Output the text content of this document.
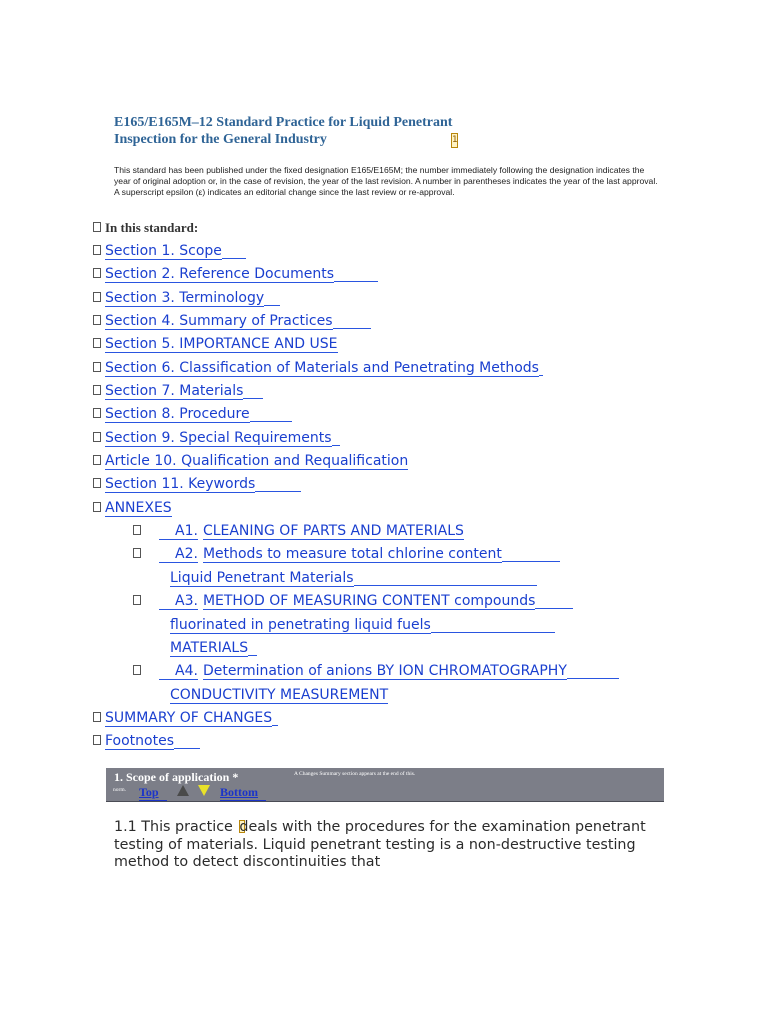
E165/E165M–12 Standard Practice for Liquid Penetrant
Inspection for the General Industry	1
This standard has been published under the fixed designation E165/E165M; the number immediately following the designation indicates the year of original adoption or, in the case of revision, the year of the last revision. A number in parentheses indicates the year of the last approval. A superscript epsilon (ε) indicates an editorial change since the last review or re-approval.
In this standard:
Section 1. Scope
Section 2. Reference Documents
Section 3. Terminology
Section 4. Summary of Practices
Section 5. IMPORTANCE AND USE
Section 6. Classification of Materials and Penetrating Methods
Section 7. Materials
Section 8. Procedure
Section 9. Special Requirements
Article 10. Qualification and Requalification
Section 11. Keywords
ANNEXES
A1. CLEANING OF PARTS AND MATERIALS
A2. Methods to measure total chlorine content
Liquid Penetrant Materials
A3. METHOD OF MEASURING CONTENT compounds
fluorinated in penetrating liquid fuels
MATERIALS
A4. Determination of anions BY ION CHROMATOGRAPHY
CONDUCTIVITY MEASUREMENT
SUMMARY OF CHANGES
Footnotes
1. Scope of application *	A Changes Summary section appears at the end of this.
norm. Top	Bottom
1.1 This practice deals with the procedures for the examination penetrant testing of materials. Liquid penetrant testing is a non-destructive testing method to detect discontinuities that
